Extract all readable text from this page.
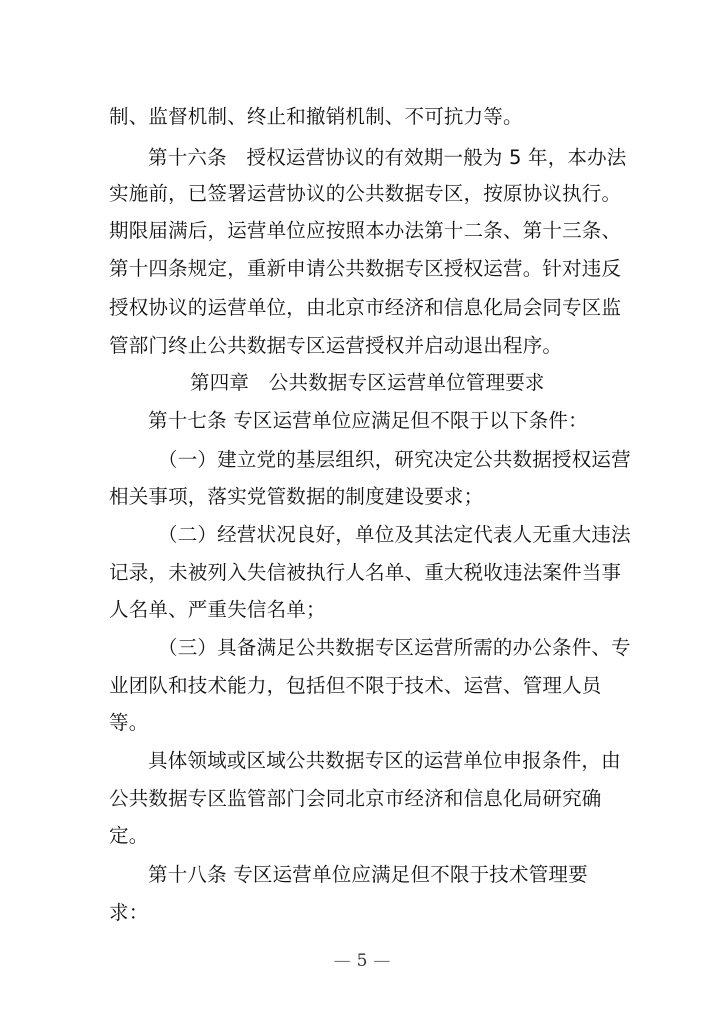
制、监督机制、终止和撤销机制、不可抗力等。
第十六条　授权运营协议的有效期一般为 5 年，本办法
实施前，已签署运营协议的公共数据专区，按原协议执行。
期限届满后，运营单位应按照本办法第十二条、第十三条、
第十四条规定，重新申请公共数据专区授权运营。针对违反
授权协议的运营单位，由北京市经济和信息化局会同专区监
管部门终止公共数据专区运营授权并启动退出程序。
第四章　公共数据专区运营单位管理要求
第十七条 专区运营单位应满足但不限于以下条件：
（一）建立党的基层组织，研究决定公共数据授权运营
相关事项，落实党管数据的制度建设要求；
（二）经营状况良好，单位及其法定代表人无重大违法
记录，未被列入失信被执行人名单、重大税收违法案件当事
人名单、严重失信名单；
（三）具备满足公共数据专区运营所需的办公条件、专
业团队和技术能力，包括但不限于技术、运营、管理人员
等。
具体领域或区域公共数据专区的运营单位申报条件，由
公共数据专区监管部门会同北京市经济和信息化局研究确
定。
第十八条 专区运营单位应满足但不限于技术管理要
求：
— 5 —
